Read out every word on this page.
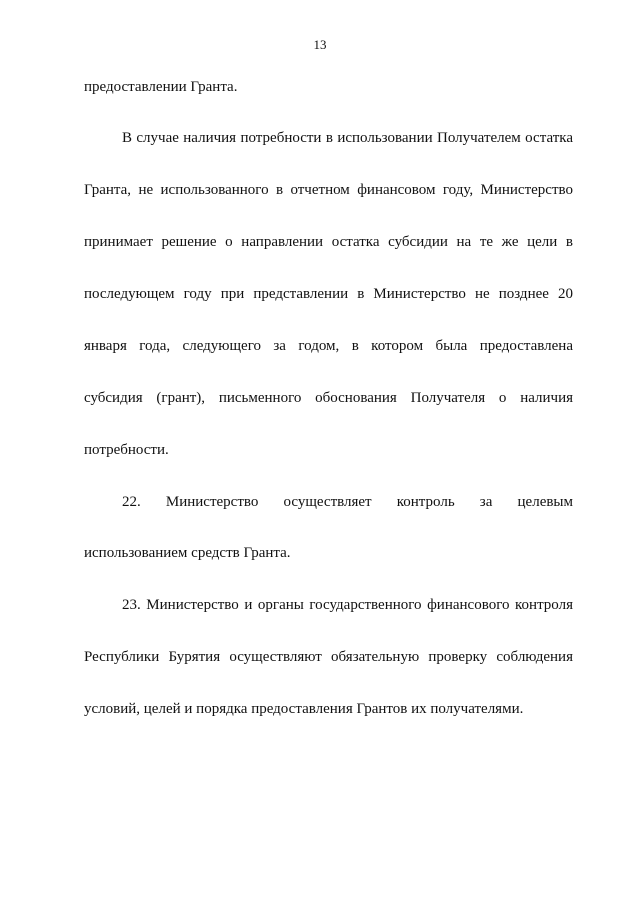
13
предоставлении Гранта.
В случае наличия потребности в использовании Получателем остатка
Гранта, не использованного в отчетном финансовом году, Министерство
принимает решение о направлении остатка субсидии на те же цели в
последующем году при представлении в Министерство не позднее 20
января года, следующего за годом, в котором была предоставлена
субсидия (грант), письменного обоснования Получателя о наличия
потребности.
22. Министерство осуществляет контроль за целевым
использованием средств Гранта.
23. Министерство и органы государственного финансового контроля
Республики Бурятия осуществляют обязательную проверку соблюдения
условий, целей и порядка предоставления Грантов их получателями.
